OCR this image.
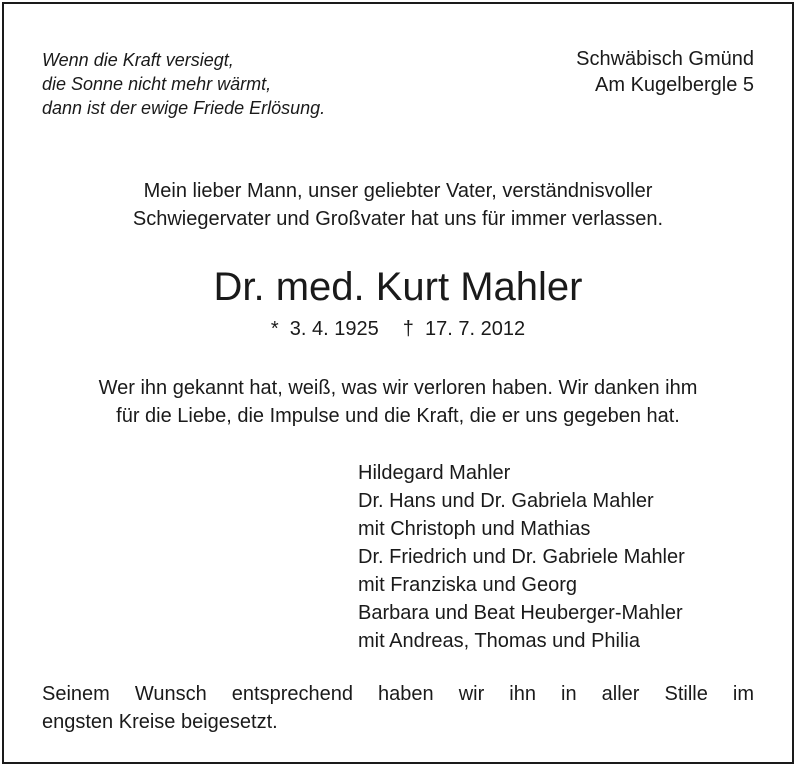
Wenn die Kraft versiegt,
die Sonne nicht mehr wärmt,
dann ist der ewige Friede Erlösung.
Schwäbisch Gmünd
Am Kugelbergle 5
Mein lieber Mann, unser geliebter Vater, verständnisvoller
Schwiegervater und Großvater hat uns für immer verlassen.
Dr. med. Kurt Mahler
* 3. 4. 1925 † 17. 7. 2012
Wer ihn gekannt hat, weiß, was wir verloren haben. Wir danken ihm
für die Liebe, die Impulse und die Kraft, die er uns gegeben hat.
Hildegard Mahler
Dr. Hans und Dr. Gabriela Mahler
mit Christoph und Mathias
Dr. Friedrich und Dr. Gabriele Mahler
mit Franziska und Georg
Barbara und Beat Heuberger-Mahler
mit Andreas, Thomas und Philia
Seinem Wunsch entsprechend haben wir ihn in aller Stille im
engsten Kreise beigesetzt.
